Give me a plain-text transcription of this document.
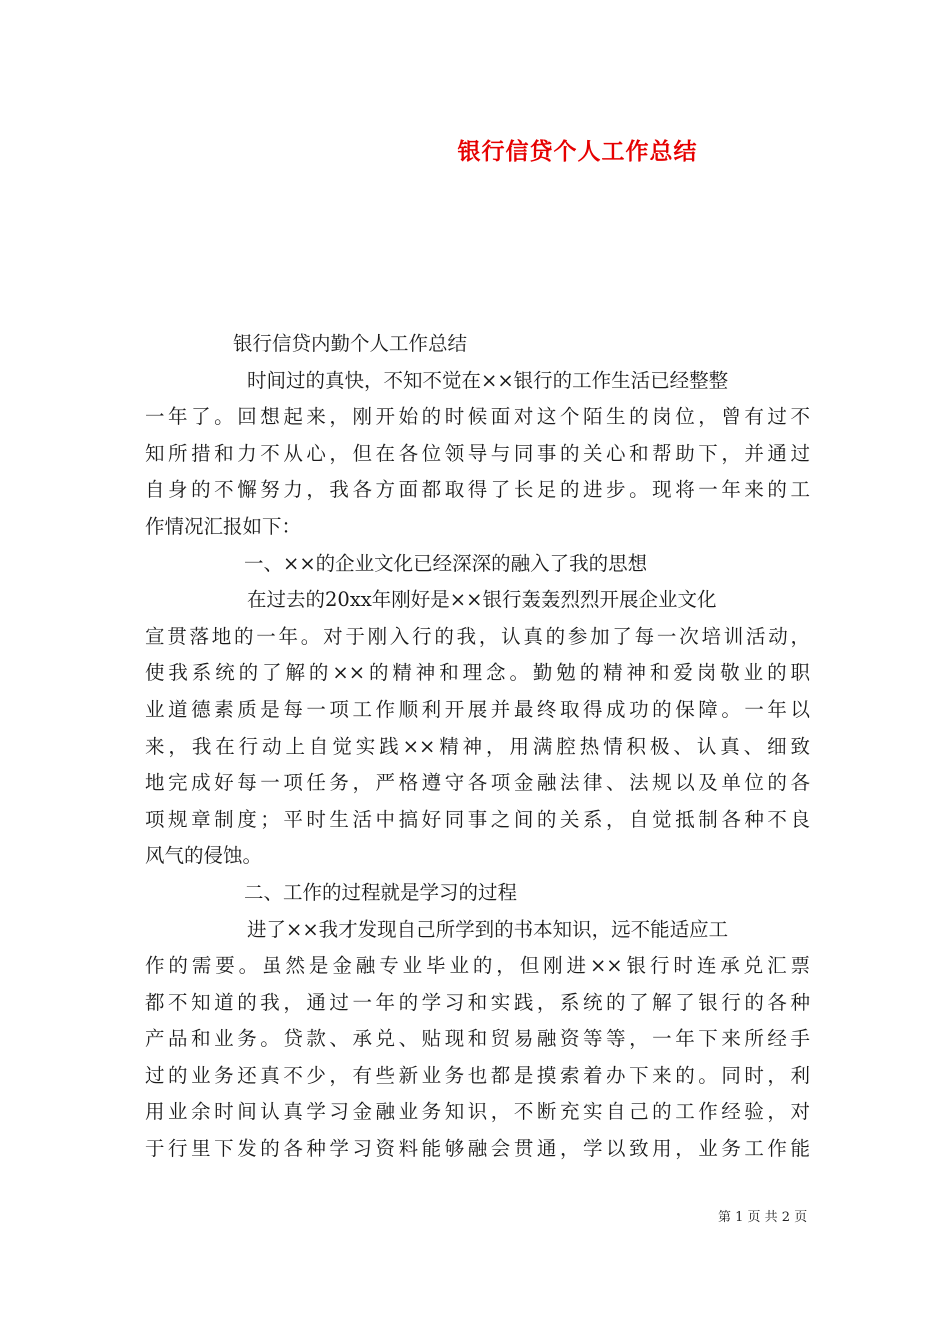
银行信贷个人工作总结
银行信贷内勤个人工作总结
时间过的真快，不知不觉在××银行的工作生活已经整整
一年了。回想起来，刚开始的时候面对这个陌生的岗位，曾有过不
知所措和力不从心，但在各位领导与同事的关心和帮助下，并通过
自身的不懈努力，我各方面都取得了长足的进步。现将一年来的工
作情况汇报如下：
一、××的企业文化已经深深的融入了我的思想
在过去的20xx年刚好是××银行轰轰烈烈开展企业文化
宣贯落地的一年。对于刚入行的我，认真的参加了每一次培训活动，
使我系统的了解的××的精神和理念。勤勉的精神和爱岗敬业的职
业道德素质是每一项工作顺利开展并最终取得成功的保障。一年以
来，我在行动上自觉实践××精神，用满腔热情积极、认真、细致
地完成好每一项任务，严格遵守各项金融法律、法规以及单位的各
项规章制度；平时生活中搞好同事之间的关系，自觉抵制各种不良
风气的侵蚀。
二、工作的过程就是学习的过程
进了××我才发现自己所学到的书本知识，远不能适应工
作的需要。虽然是金融专业毕业的，但刚进××银行时连承兑汇票
都不知道的我，通过一年的学习和实践，系统的了解了银行的各种
产品和业务。贷款、承兑、贴现和贸易融资等等，一年下来所经手
过的业务还真不少，有些新业务也都是摸索着办下来的。同时，利
用业余时间认真学习金融业务知识，不断充实自己的工作经验，对
于行里下发的各种学习资料能够融会贯通，学以致用，业务工作能
第 1 页 共 2 页
